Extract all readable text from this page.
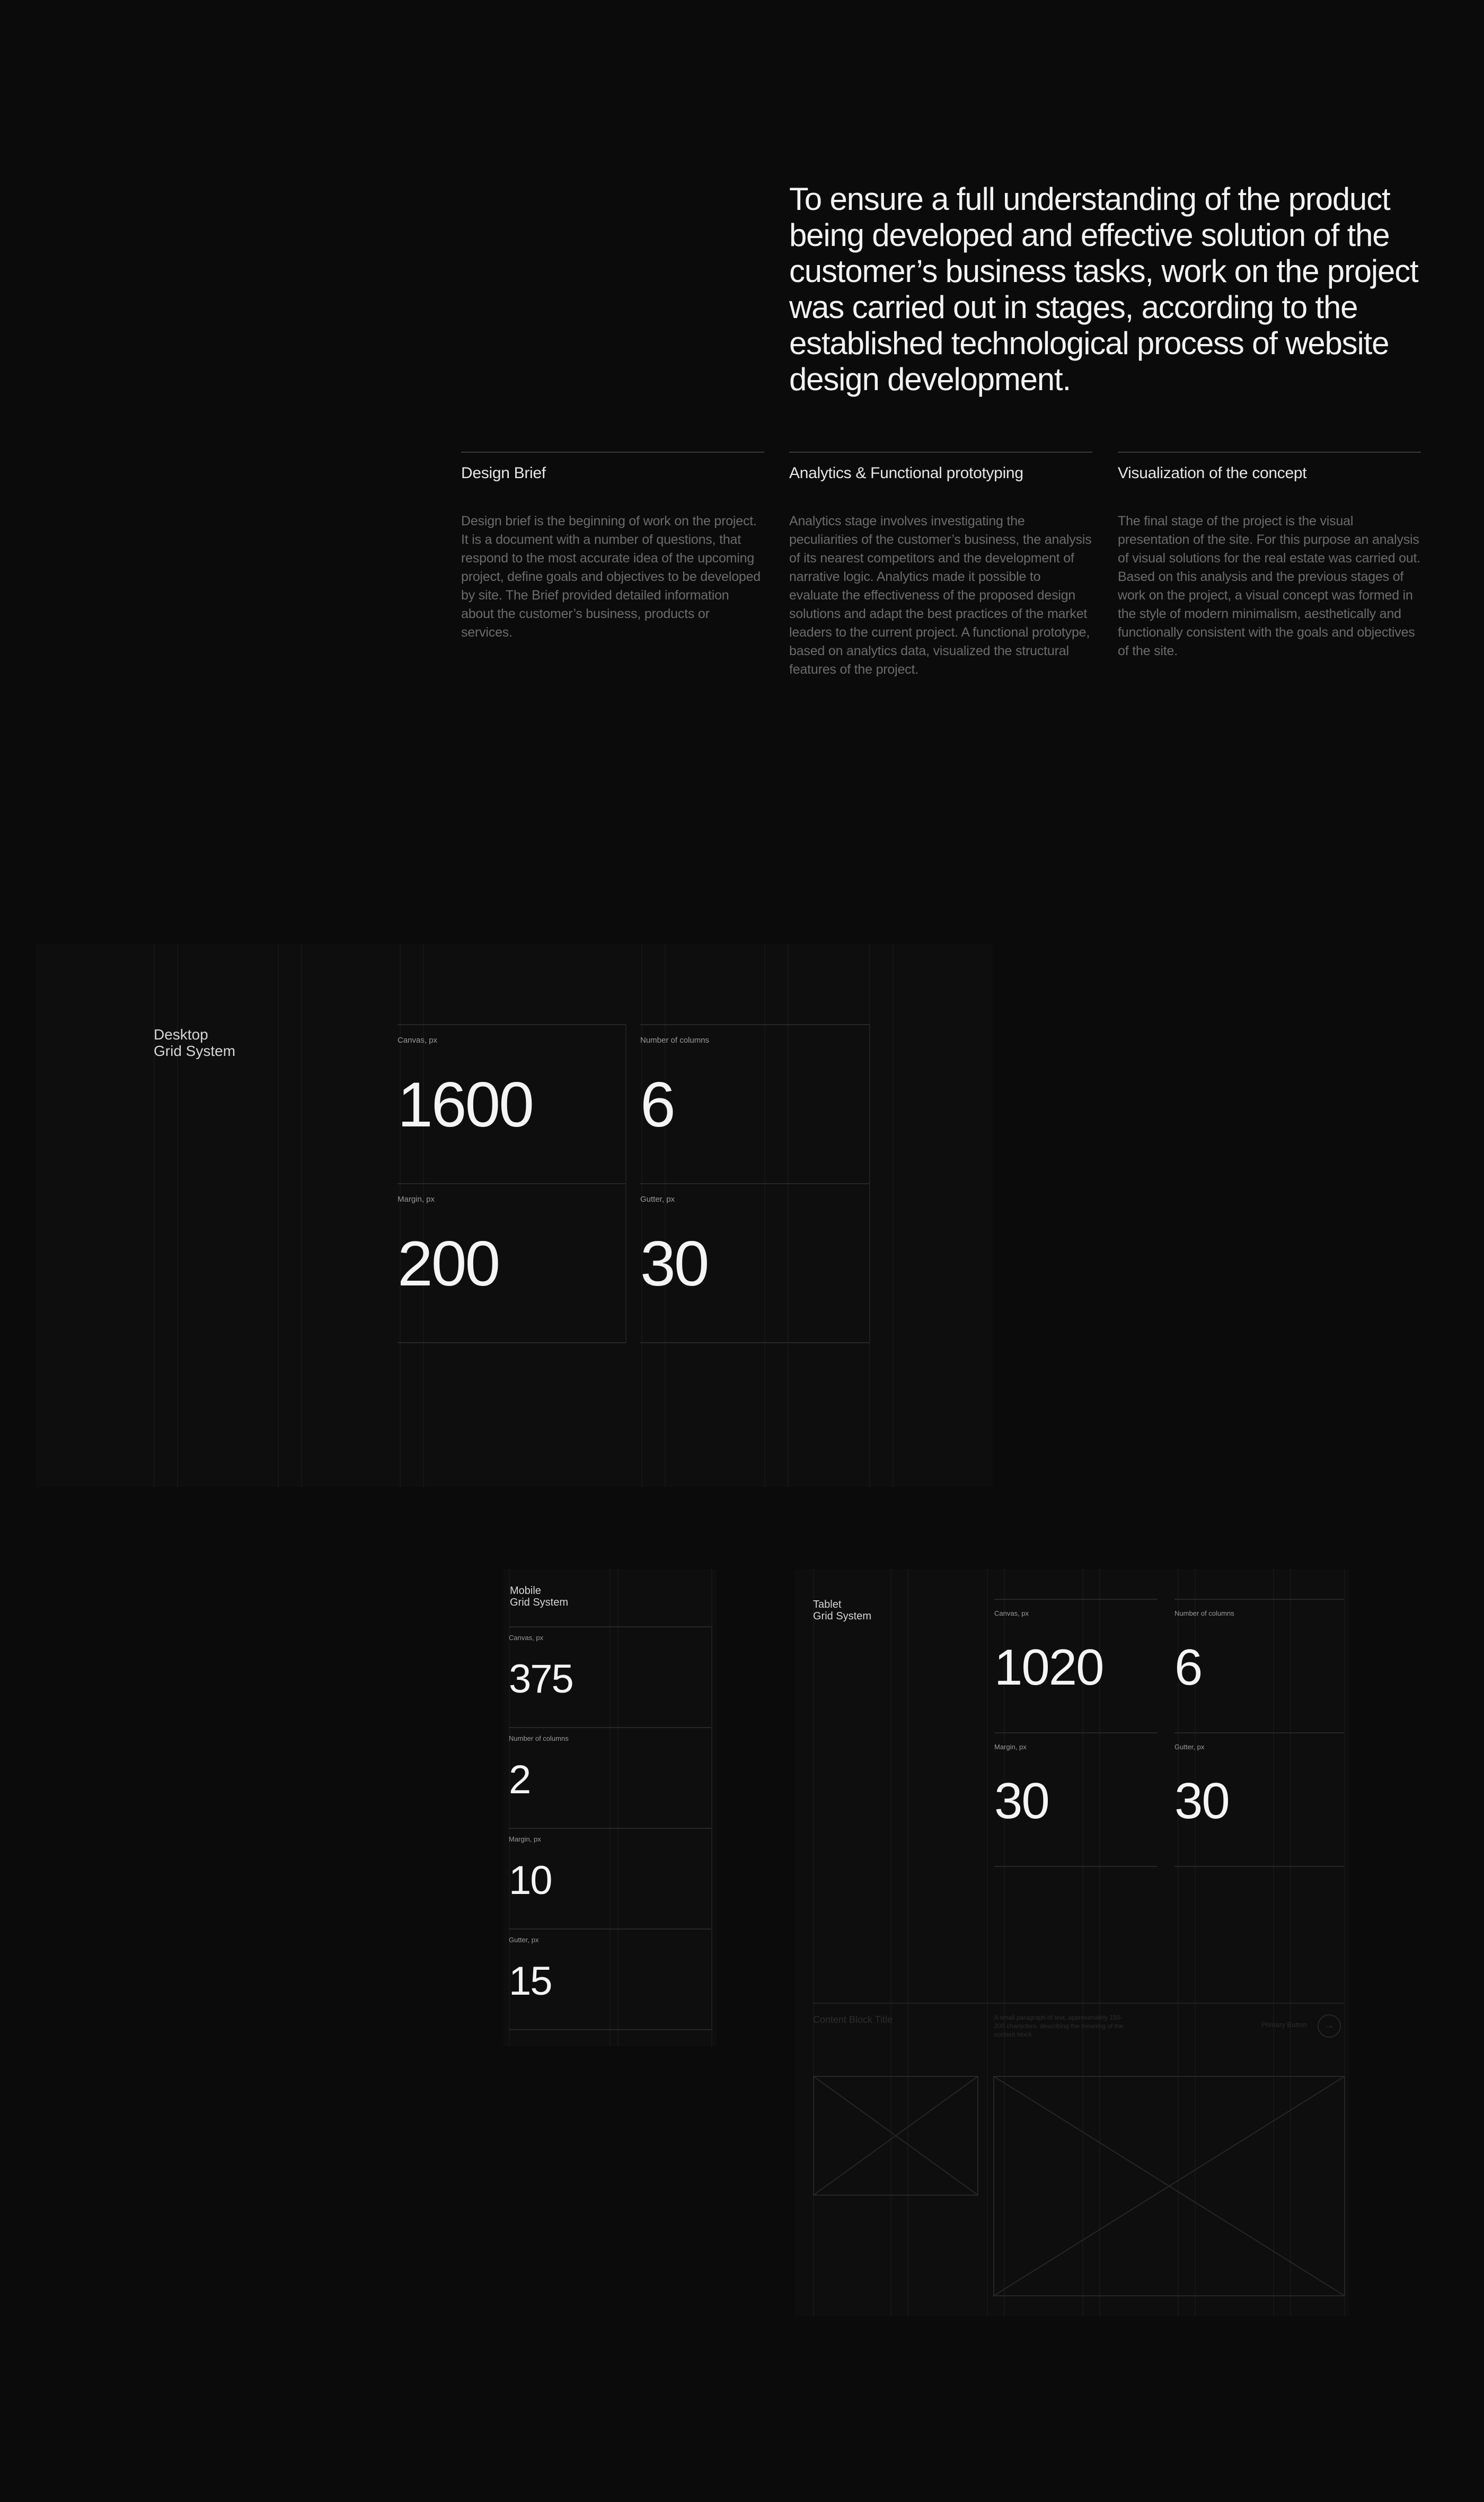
To ensure a full understanding of the product being developed and effective solution of the customer’s business tasks, work on the project was carried out in stages, according to the established technological process of website design development.
Design Brief
Design brief is the beginning of work on the project. It is a document with a number of questions, that respond to the most accurate idea of the upcoming project, define goals and objectives to be developed by site. The Brief provided detailed information about the customer’s business, products or services.
Analytics & Functional prototyping
Analytics stage involves investigating the peculiarities of the customer’s business, the analysis of its nearest competitors and the development of narrative logic. Analytics made it possible to evaluate the effectiveness of the proposed design solutions and adapt the best practices of the market leaders to the current project. A functional prototype, based on analytics data, visualized the structural features of the project.
Visualization of the concept
The final stage of the project is the visual presentation of the site. For this purpose an analysis of visual solutions for the real estate was carried out. Based on this analysis and the previous stages of work on the project, a visual concept was formed in the style of modern minimalism, aesthetically and functionally consistent with the goals and objectives of the site.
Desktop
Grid System
Canvas, px
1600
Number of columns
6
Margin, px
200
Gutter, px
30
Mobile
Grid System
Canvas, px
375
Number of columns
2
Margin, px
10
Gutter, px
15
Tablet
Grid System	Canvas, px
1020
Number of columns
6
Margin, px
30
Gutter, px
30
Content Block Title	A small paragraph of text, approximately 150-200 characters, describing the meaning of the content block
Primary Button	→
